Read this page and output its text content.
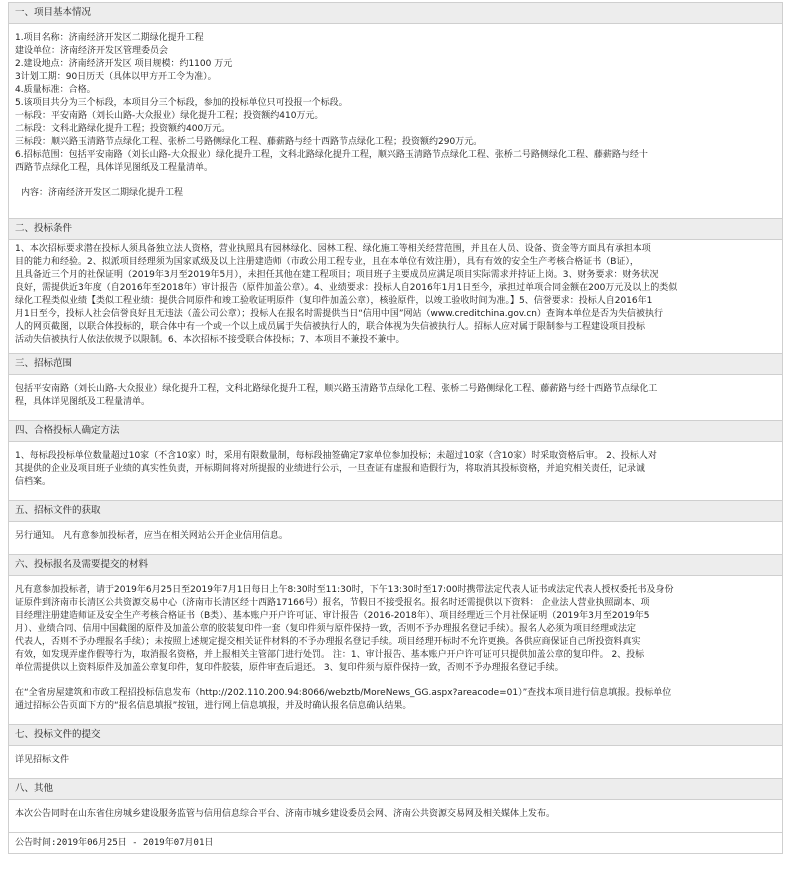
一、项目基本情况
1.项目名称：济南经济开发区二期绿化提升工程
建设单位：济南经济开发区管理委员会
2.建设地点：济南经济开发区 项目规模：约1100 万元
3计划工期：90日历天（具体以甲方开工令为准）。
4.质量标准：合格。
5.该项目共分为三个标段，本项目分三个标段，参加的投标单位只可投报一个标段。
一标段：平安南路（刘长山路-大众报业）绿化提升工程；投资额约410万元。
二标段：文科北路绿化提升工程；投资额约400万元。
三标段：顺兴路玉清路节点绿化工程、张桥二号路侧绿化工程、藤薪路与经十西路节点绿化工程；投资额约290万元。
6.招标范围：包括平安南路（刘长山路-大众报业）绿化提升工程，文科北路绿化提升工程，顺兴路玉清路节点绿化工程、张桥二号路侧绿化工程、藤薪路与经十
西路节点绿化工程，具体详见图纸及工程量清单。
内容：济南经济开发区二期绿化提升工程
二、投标条件
1、本次招标要求潜在投标人须具备独立法人资格，营业执照具有园林绿化、园林工程、绿化施工等相关经营范围，并且在人员、设备、资金等方面具有承担本项
目的能力和经验。2、拟派项目经理须为国家贰级及以上注册建造师（市政公用工程专业，且在本单位有效注册），具有有效的安全生产考核合格证书（B证），
且具备近三个月的社保证明（2019年3月至2019年5月），未担任其他在建工程项目；项目班子主要成员应满足项目实际需求并持证上岗。3、财务要求：财务状况
良好，需提供近3年度（自2016年至2018年）审计报告（原件加盖公章）。4、业绩要求：投标人自2016年1月1日至今，承担过单项合同金额在200万元及以上的类似
绿化工程类似业绩【类似工程业绩：提供合同原件和竣工验收证明原件（复印件加盖公章），核验原件，以竣工验收时间为准。】5、信誉要求：投标人自2016年1
月1日至今，投标人社会信誉良好且无违法（盖公司公章）；投标人在报名时需提供当日“信用中国”网站（www.creditchina.gov.cn）查询本单位是否为失信被执行
人的网页截图，以联合体投标的，联合体中有一个或一个以上成员属于失信被执行人的，联合体视为失信被执行人。招标人应对属于限制参与工程建设项目投标
活动失信被执行人依法依规予以限制。6、本次招标不接受联合体投标；7、本项目不兼投不兼中。
三、招标范围
包括平安南路（刘长山路-大众报业）绿化提升工程，文科北路绿化提升工程，顺兴路玉清路节点绿化工程、张桥二号路侧绿化工程、藤薪路与经十西路节点绿化工
程，具体详见图纸及工程量清单。
四、合格投标人确定方法
1、每标段投标单位数量超过10家（不含10家）时，采用有限数量制，每标段抽签确定7家单位参加投标；未超过10家（含10家）时采取资格后审。 2、投标人对
其提供的企业及项目班子业绩的真实性负责，开标期间将对所提报的业绩进行公示，一旦查证有虚报和造假行为，将取消其投标资格，并追究相关责任，记录诚
信档案。
五、招标文件的获取
另行通知。 凡有意参加投标者，应当在相关网站公开企业信用信息。
六、投标报名及需要提交的材料
凡有意参加投标者，请于2019年6月25日至2019年7月1日每日上午8:30时至11:30时，下午13:30时至17:00时携带法定代表人证书或法定代表人授权委托书及身份
证原件到济南市长清区公共资源交易中心（济南市长清区经十西路17166号）报名，节假日不接受报名。报名时还需提供以下资料： 企业法人营业执照副本、项
目经理注册建造师证及安全生产考核合格证书（B类）、基本账户开户许可证、审计报告（2016-2018年）、项目经理近三个月社保证明（2019年3月至2019年5
月）、业绩合同、信用中国截图的原件及加盖公章的胶装复印件一套（复印件须与原件保持一致，否则不予办理报名登记手续）。报名人必须为项目经理或法定
代表人，否则不予办理报名手续）；未按照上述规定提交相关证件材料的不予办理报名登记手续。项目经理开标时不允许更换。各供应商保证自己所投资料真实
有效，如发现弄虚作假等行为，取消报名资格，并上报相关主管部门进行处罚。 注：1、审计报告、基本账户开户许可证可只提供加盖公章的复印件。 2、投标
单位需提供以上资料原件及加盖公章复印件，复印件胶装，原件审查后退还。 3、复印件须与原件保持一致，否则不予办理报名登记手续。
在“全省房屋建筑和市政工程招投标信息发布（http://202.110.200.94:8066/webztb/MoreNews_GG.aspx?areacode=01）”查找本项目进行信息填报。投标单位
通过招标公告页面下方的“报名信息填报”按钮，进行网上信息填报，并及时确认报名信息确认结果。
七、投标文件的提交
详见招标文件
八、其他
本次公告同时在山东省住房城乡建设服务监管与信用信息综合平台、济南市城乡建设委员会网、济南公共资源交易网及相关媒体上发布。
公告时间:2019年06月25日 - 2019年07月01日
